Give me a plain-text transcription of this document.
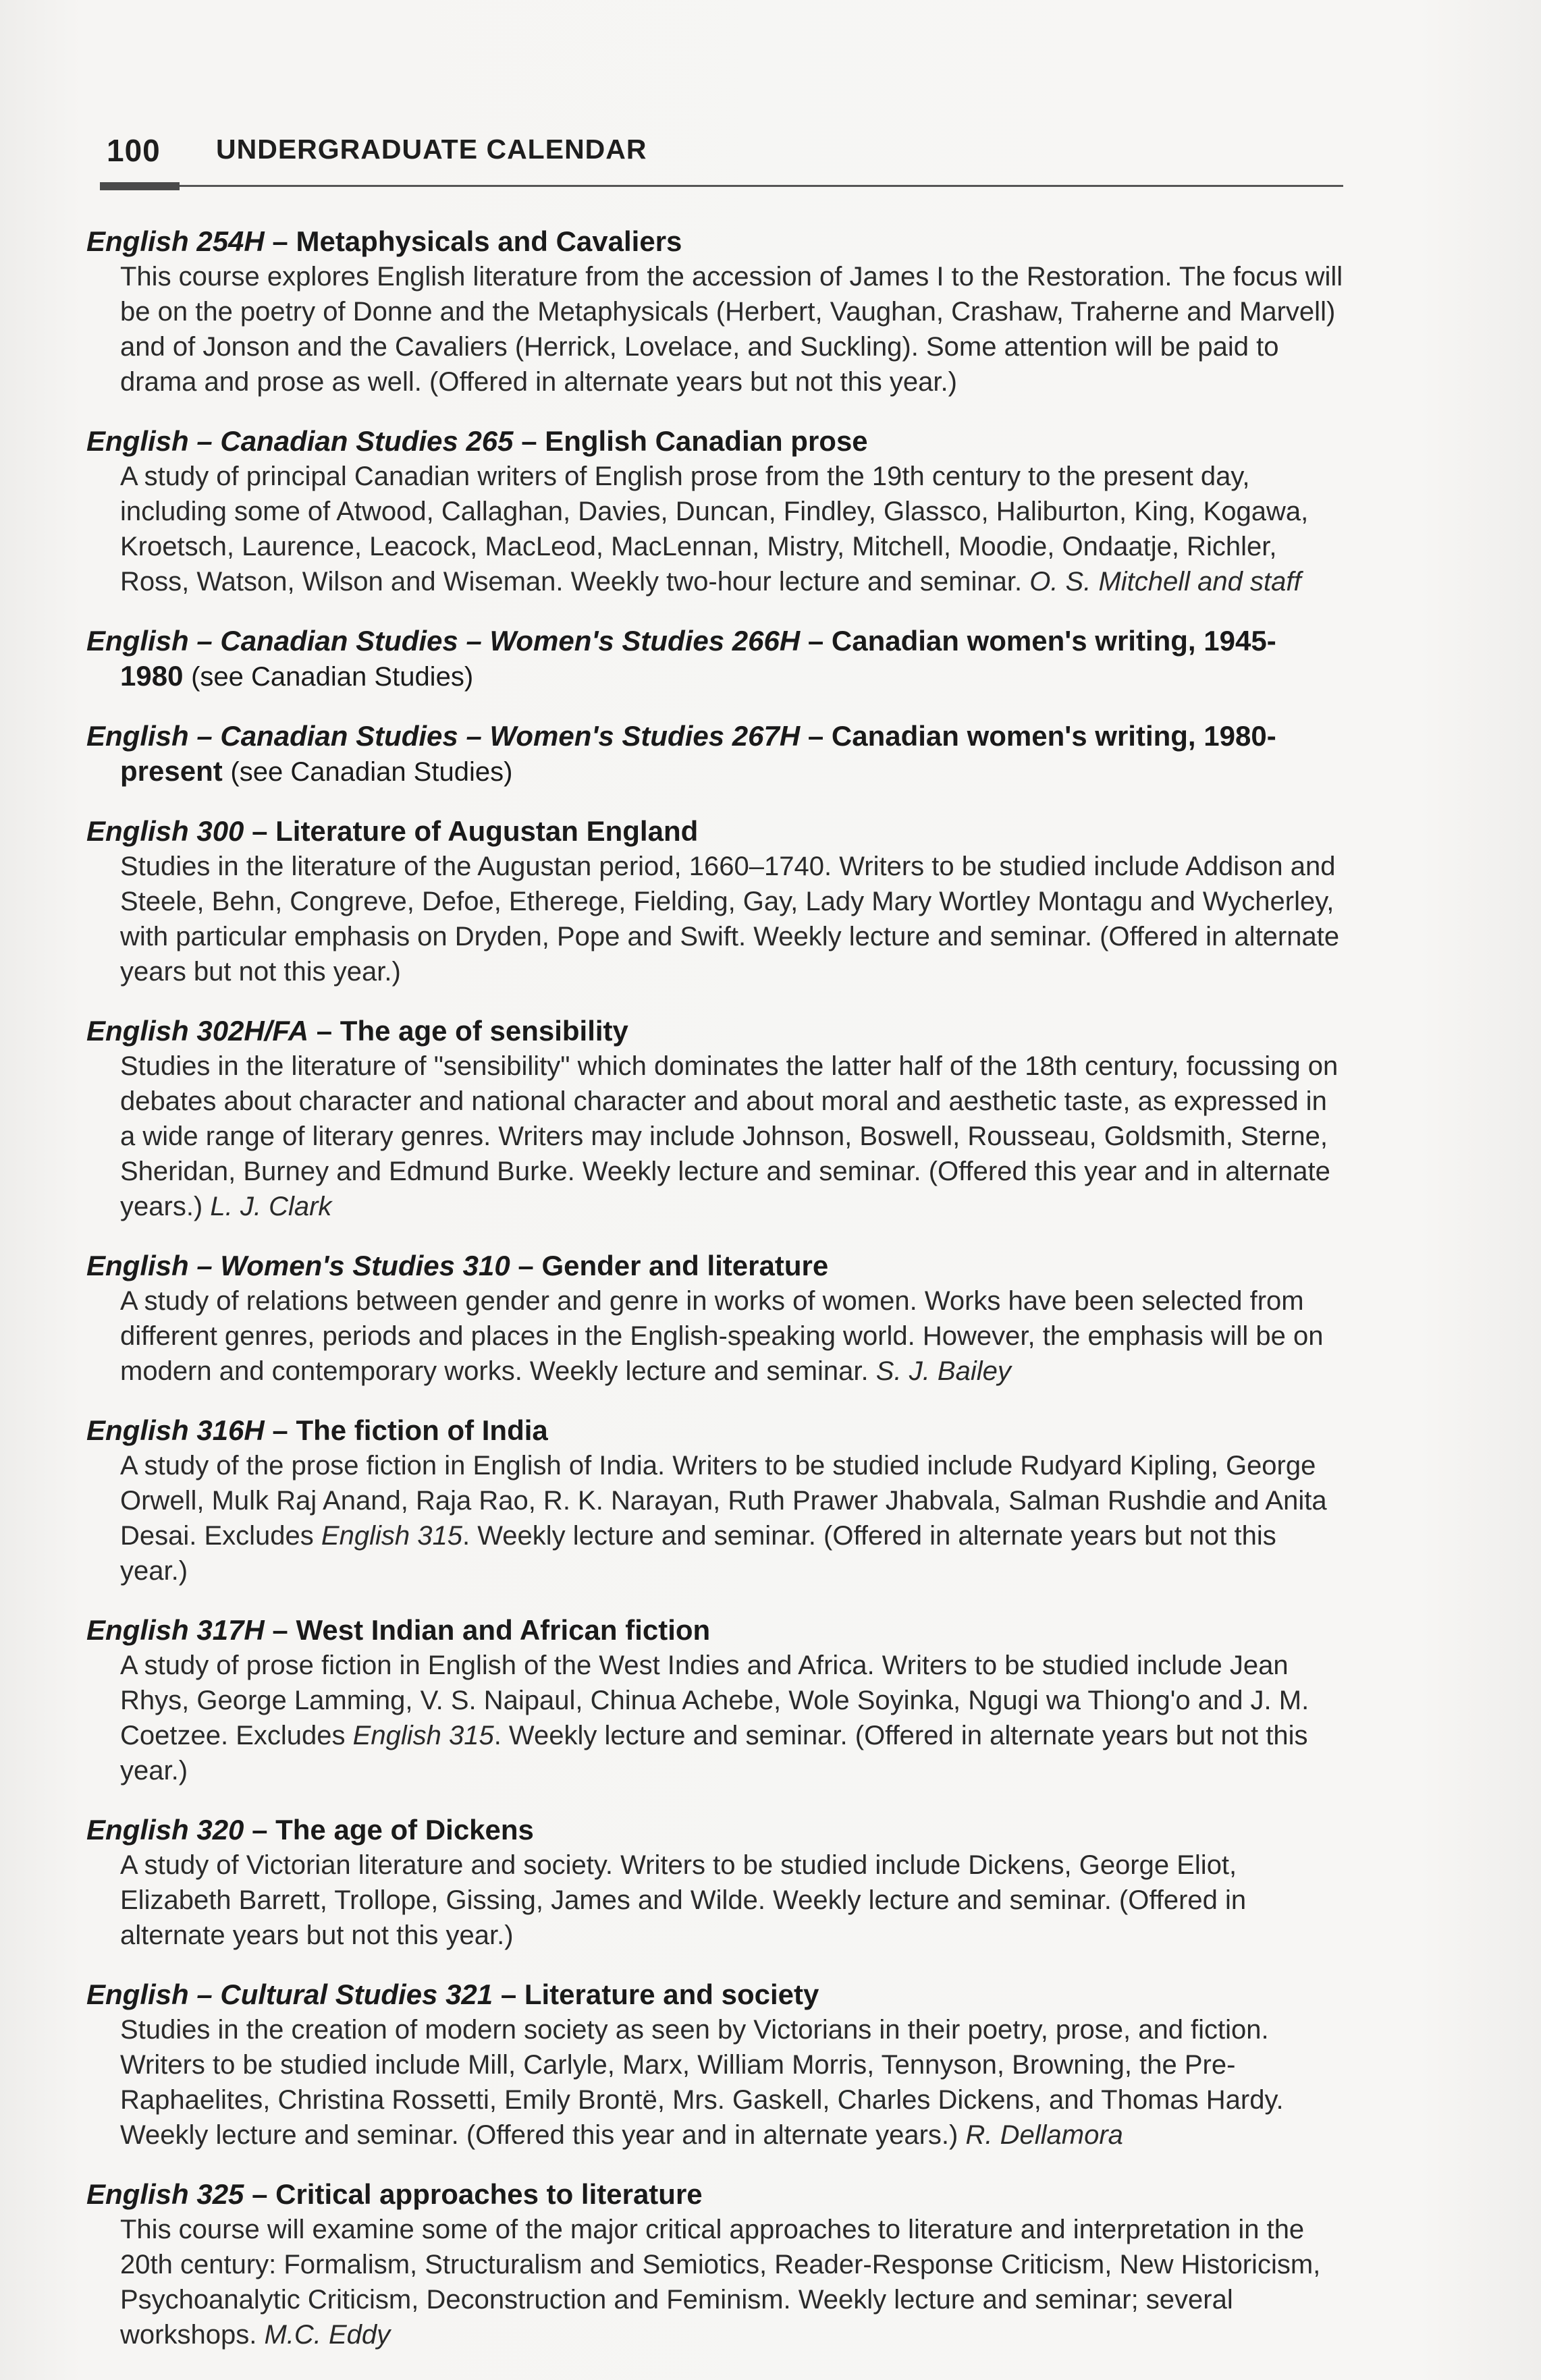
100 UNDERGRADUATE CALENDAR
English 254H – Metaphysicals and Cavaliers
This course explores English literature from the accession of James I to the Restoration. The focus will be on the poetry of Donne and the Metaphysicals (Herbert, Vaughan, Crashaw, Traherne and Marvell) and of Jonson and the Cavaliers (Herrick, Lovelace, and Suckling). Some attention will be paid to drama and prose as well. (Offered in alternate years but not this year.)
English – Canadian Studies 265 – English Canadian prose
A study of principal Canadian writers of English prose from the 19th century to the present day, including some of Atwood, Callaghan, Davies, Duncan, Findley, Glassco, Haliburton, King, Kogawa, Kroetsch, Laurence, Leacock, MacLeod, MacLennan, Mistry, Mitchell, Moodie, Ondaatje, Richler, Ross, Watson, Wilson and Wiseman. Weekly two-hour lecture and seminar. O. S. Mitchell and staff
English – Canadian Studies – Women's Studies 266H – Canadian women's writing, 1945-
1980 (see Canadian Studies)
English – Canadian Studies – Women's Studies 267H – Canadian women's writing, 1980-
present (see Canadian Studies)
English 300 – Literature of Augustan England
Studies in the literature of the Augustan period, 1660–1740. Writers to be studied include Addison and Steele, Behn, Congreve, Defoe, Etherege, Fielding, Gay, Lady Mary Wortley Montagu and Wycherley, with particular emphasis on Dryden, Pope and Swift. Weekly lecture and seminar. (Offered in alternate years but not this year.)
English 302H/FA – The age of sensibility
Studies in the literature of "sensibility" which dominates the latter half of the 18th century, focussing on debates about character and national character and about moral and aesthetic taste, as expressed in a wide range of literary genres. Writers may include Johnson, Boswell, Rousseau, Goldsmith, Sterne, Sheridan, Burney and Edmund Burke. Weekly lecture and seminar. (Offered this year and in alternate years.) L. J. Clark
English – Women's Studies 310 – Gender and literature
A study of relations between gender and genre in works of women. Works have been selected from different genres, periods and places in the English-speaking world. However, the emphasis will be on modern and contemporary works. Weekly lecture and seminar. S. J. Bailey
English 316H – The fiction of India
A study of the prose fiction in English of India. Writers to be studied include Rudyard Kipling, George Orwell, Mulk Raj Anand, Raja Rao, R. K. Narayan, Ruth Prawer Jhabvala, Salman Rushdie and Anita Desai. Excludes English 315. Weekly lecture and seminar. (Offered in alternate years but not this year.)
English 317H – West Indian and African fiction
A study of prose fiction in English of the West Indies and Africa. Writers to be studied include Jean Rhys, George Lamming, V. S. Naipaul, Chinua Achebe, Wole Soyinka, Ngugi wa Thiong'o and J. M. Coetzee. Excludes English 315. Weekly lecture and seminar. (Offered in alternate years but not this year.)
English 320 – The age of Dickens
A study of Victorian literature and society. Writers to be studied include Dickens, George Eliot, Elizabeth Barrett, Trollope, Gissing, James and Wilde. Weekly lecture and seminar. (Offered in alternate years but not this year.)
English – Cultural Studies 321 – Literature and society
Studies in the creation of modern society as seen by Victorians in their poetry, prose, and fiction. Writers to be studied include Mill, Carlyle, Marx, William Morris, Tennyson, Browning, the Pre-Raphaelites, Christina Rossetti, Emily Brontë, Mrs. Gaskell, Charles Dickens, and Thomas Hardy. Weekly lecture and seminar. (Offered this year and in alternate years.) R. Dellamora
English 325 – Critical approaches to literature
This course will examine some of the major critical approaches to literature and interpretation in the 20th century: Formalism, Structuralism and Semiotics, Reader-Response Criticism, New Historicism, Psychoanalytic Criticism, Deconstruction and Feminism. Weekly lecture and seminar; several workshops. M.C. Eddy
